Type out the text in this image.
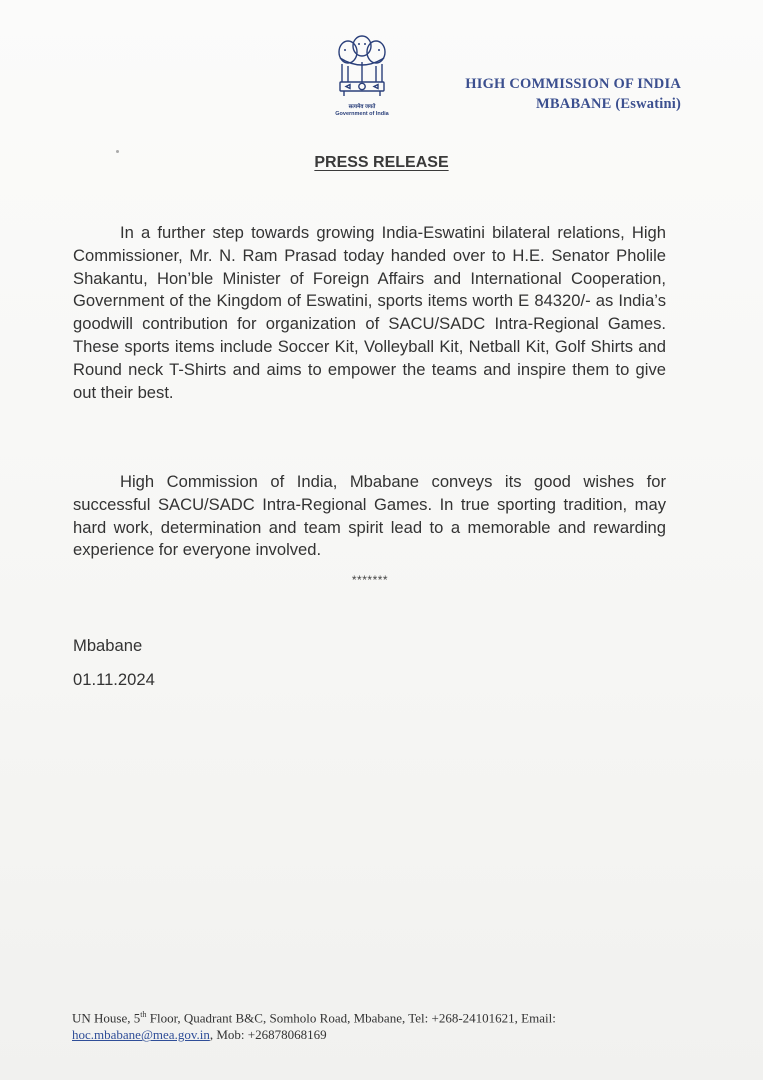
सत्यमेव जयते
Government of India
HIGH COMMISSION OF INDIA
MBABANE (Eswatini)
PRESS RELEASE
In a further step towards growing India-Eswatini bilateral relations, High Commissioner, Mr. N. Ram Prasad today handed over to H.E. Senator Pholile Shakantu, Hon’ble Minister of Foreign Affairs and International Cooperation, Government of the Kingdom of Eswatini, sports items worth E 84320/- as India’s goodwill contribution for organization of SACU/SADC Intra-Regional Games. These sports items include Soccer Kit, Volleyball Kit, Netball Kit, Golf Shirts and Round neck T-Shirts and aims to empower the teams and inspire them to give out their best.
High Commission of India, Mbabane conveys its good wishes for successful SACU/SADC Intra-Regional Games. In true sporting tradition, may hard work, determination and team spirit lead to a memorable and rewarding experience for everyone involved.
*******
Mbabane
01.11.2024
UN House, 5th Floor, Quadrant B&C, Somholo Road, Mbabane, Tel: +268-24101621, Email:
hoc.mbabane@mea.gov.in, Mob: +26878068169
